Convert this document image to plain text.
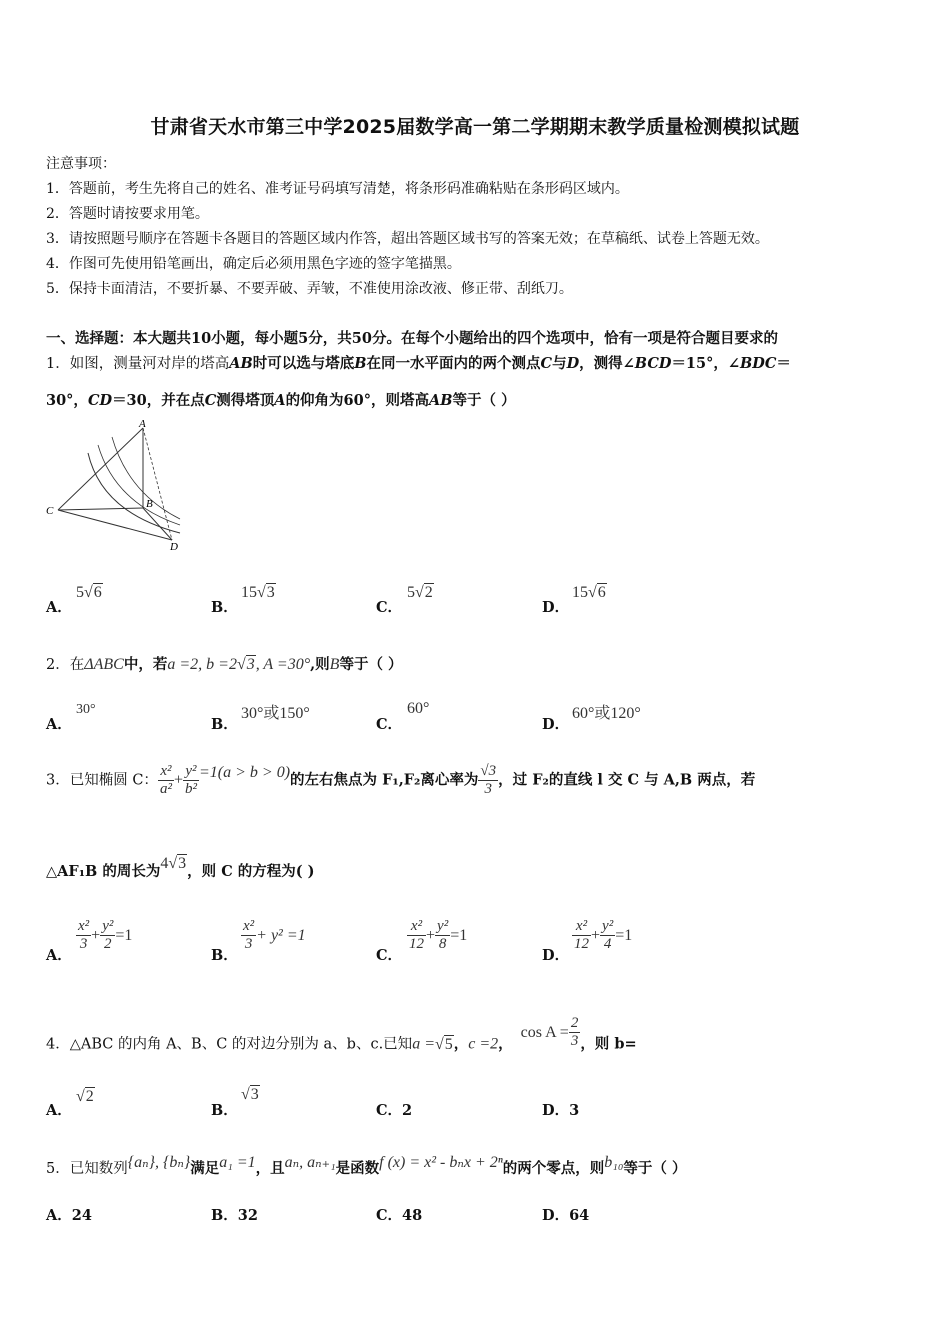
甘肃省天水市第三中学2025届数学高一第二学期期末教学质量检测模拟试题
注意事项：
1．答题前，考生先将自己的姓名、准考证号码填写清楚，将条形码准确粘贴在条形码区域内。
2．答题时请按要求用笔。
3．请按照题号顺序在答题卡各题目的答题区域内作答，超出答题区域书写的答案无效；在草稿纸、试卷上答题无效。
4．作图可先使用铅笔画出，确定后必须用黑色字迹的签字笔描黑。
5．保持卡面清洁，不要折暴、不要弄破、弄皱，不准使用涂改液、修正带、刮纸刀。
一、选择题：本大题共10小题，每小题5分，共50分。在每个小题给出的四个选项中，恰有一项是符合题目要求的
1．如图，测量河对岸的塔高AB时可以选与塔底B在同一水平面内的两个测点C与D，测得∠BCD＝15°，∠BDC＝
30°，CD＝30，并在点C测得塔顶A的仰角为60°，则塔高AB等于（ ）
A
B
C
D
A．
5√6
B．
15√3
C．
5√2
D．
15√6
2．在ΔABC中，若a =2, b =2√3, A =30°,则B等于（ ）
A．
30°
B．
30°或150°
C．
60°
D．
60°或120°
3．已知椭圆 C： $\frac{\text{x²}}{\text{a²}} + \frac{\text{y²}}{\text{b²}} =1(a > b > 0)$的左右焦点为 F₁,F₂离心率为 $\frac{√3}{3}$ ，过 F₂的直线 l 交 C 与 A,B 两点，若
△AF₁B 的周长为4√3，则 C 的方程为( )
A．
$\frac{\text{x²}}{3} + \frac{\text{y²}}{2} =1$
B．
$\frac{\text{x²}}{3} + y^2 =1$
C．
$\frac{\text{x²}}{12} + \frac{\text{y²}}{8} =1$
D．
$\frac{\text{x²}}{12} + \frac{\text{y²}}{4} =1$
4．△ABC 的内角 A、B、C 的对边分别为 a、b、c.已知a =√5，c =2，$\cos A = \frac{2}{3}$ ，则 b=
A．
√2
B．
√3
C．2	D．3
5．已知数列{aₙ}, {bₙ}满足a₁ =1，且aₙ, aₙ₊₁是函数f (x) = x² - bₙx + 2ⁿ的两个零点，则b₁₀等于（ ）
A．24	B．32	C．48	D．64
